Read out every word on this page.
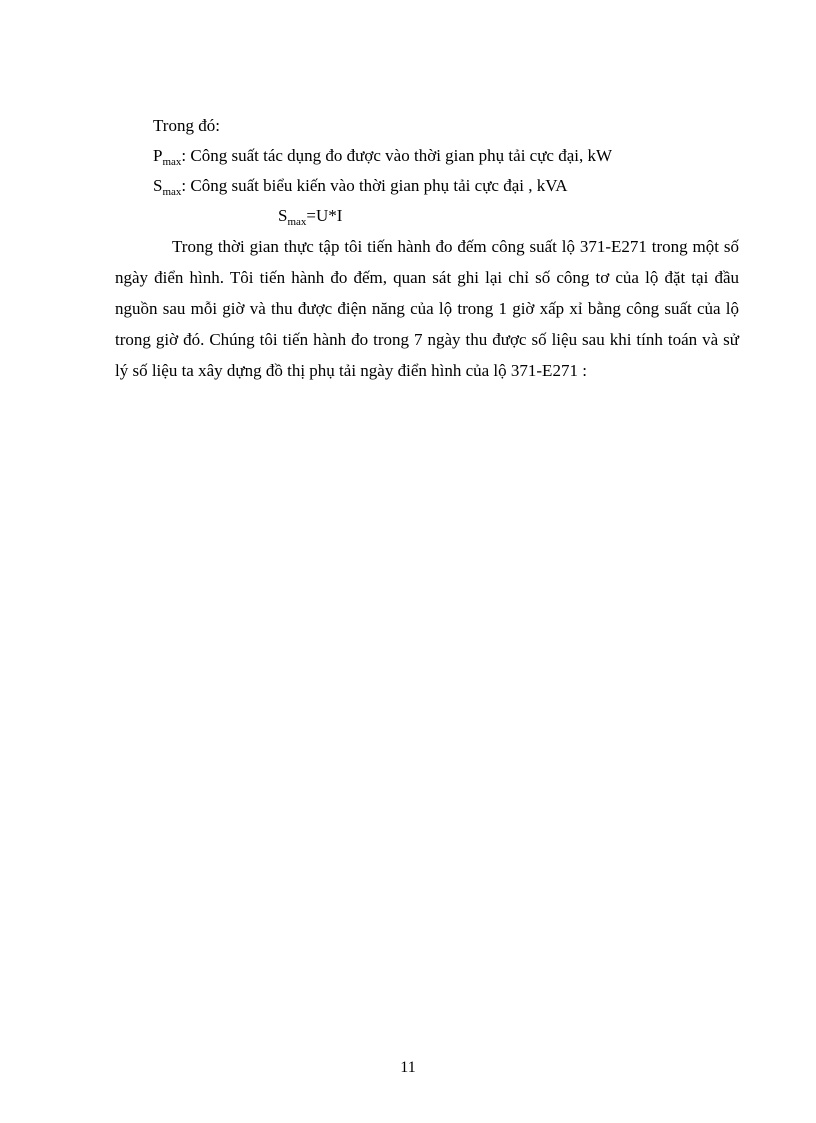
Trong đó:
$P_{max}$: Công suất tác dụng đo được vào thời gian phụ tải cực đại, kW
$S_{max}$: Công suất biểu kiến vào thời gian phụ tải cực đại , kVA
$S_{max}=U*I$
Trong thời gian thực tập tôi tiến hành đo đếm công suất lộ 371-E271 trong một số ngày điển hình. Tôi tiến hành đo đếm, quan sát ghi lại chỉ số công tơ của lộ đặt tại đầu nguồn sau mỗi giờ và thu được điện năng của lộ trong 1 giờ xấp xỉ bằng công suất của lộ trong giờ đó. Chúng tôi tiến hành đo trong 7 ngày thu được số liệu sau khi tính toán và sử lý số liệu ta xây dựng đồ thị phụ tải ngày điển hình của lộ 371-E271 :
11
